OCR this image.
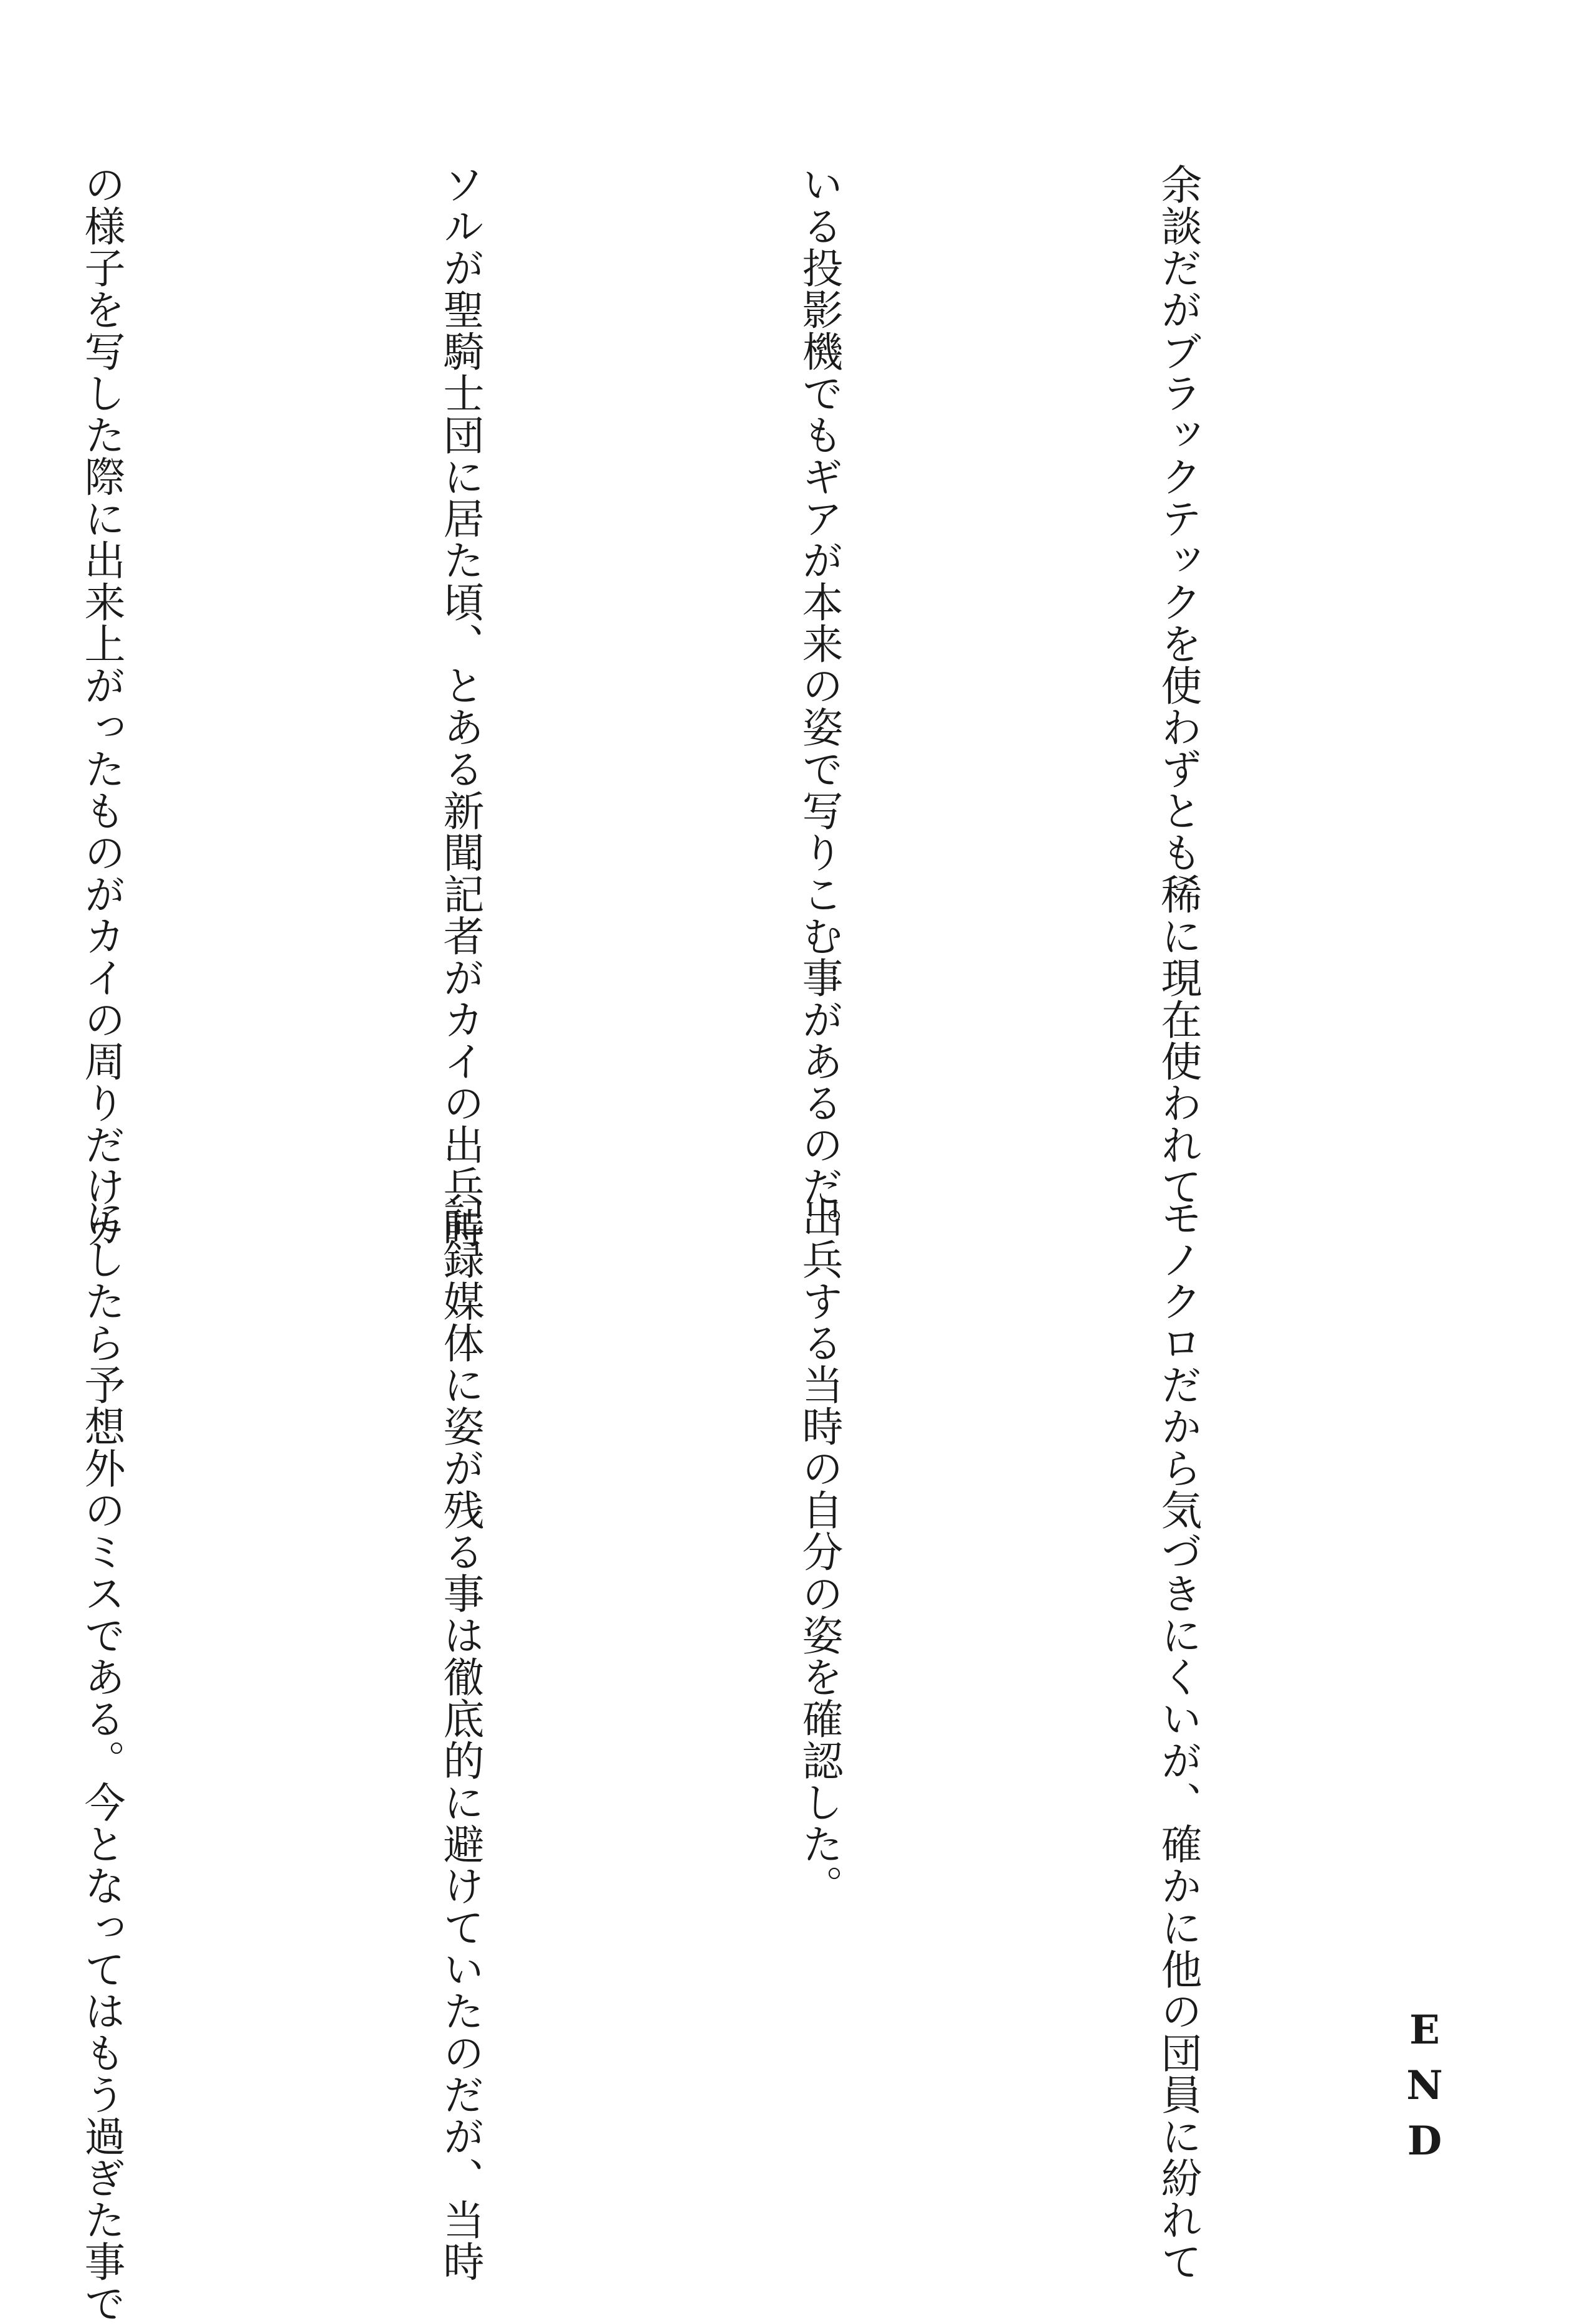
余談だがブラックテックを使わずとも稀に現在使われて

いる投影機でもギアが本来の姿で写りこむ事があるのだ。

ソルが聖騎士団に居た頃、とある新聞記者がカイの出兵時

の様子を写した際に出来上がったものがカイの周りだけカ

モノクロだから気づきにくいが、確かに他の団員に紛れて

出兵する当時の自分の姿を確認した。

記録媒体に姿が残る事は徹底的に避けていたのだが、当時

にしたら予想外のミスである。今となってはもう過ぎた事で

	END
